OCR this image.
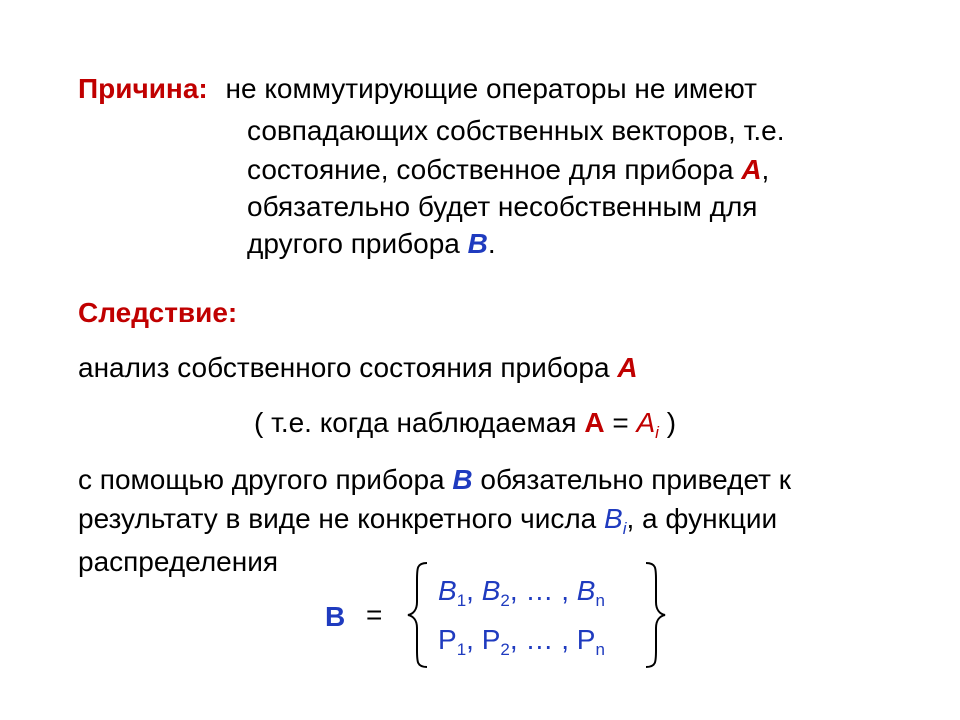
Причина: не коммутирующие операторы не имеют
совпадающих собственных векторов, т.е.
состояние, собственное для прибора A,
обязательно будет несобственным для
другого прибора B.
Следствие:
анализ собственного состояния прибора A
( т.е. когда наблюдаемая $A = A_i$ )
с помощью другого прибора B обязательно приведет к
результату в виде не конкретного числа $B_i$, а функции
распределения
B =
$B_1$, $B_2$, … , $B_n$
$P_1$, $P_2$, … , $P_n$
